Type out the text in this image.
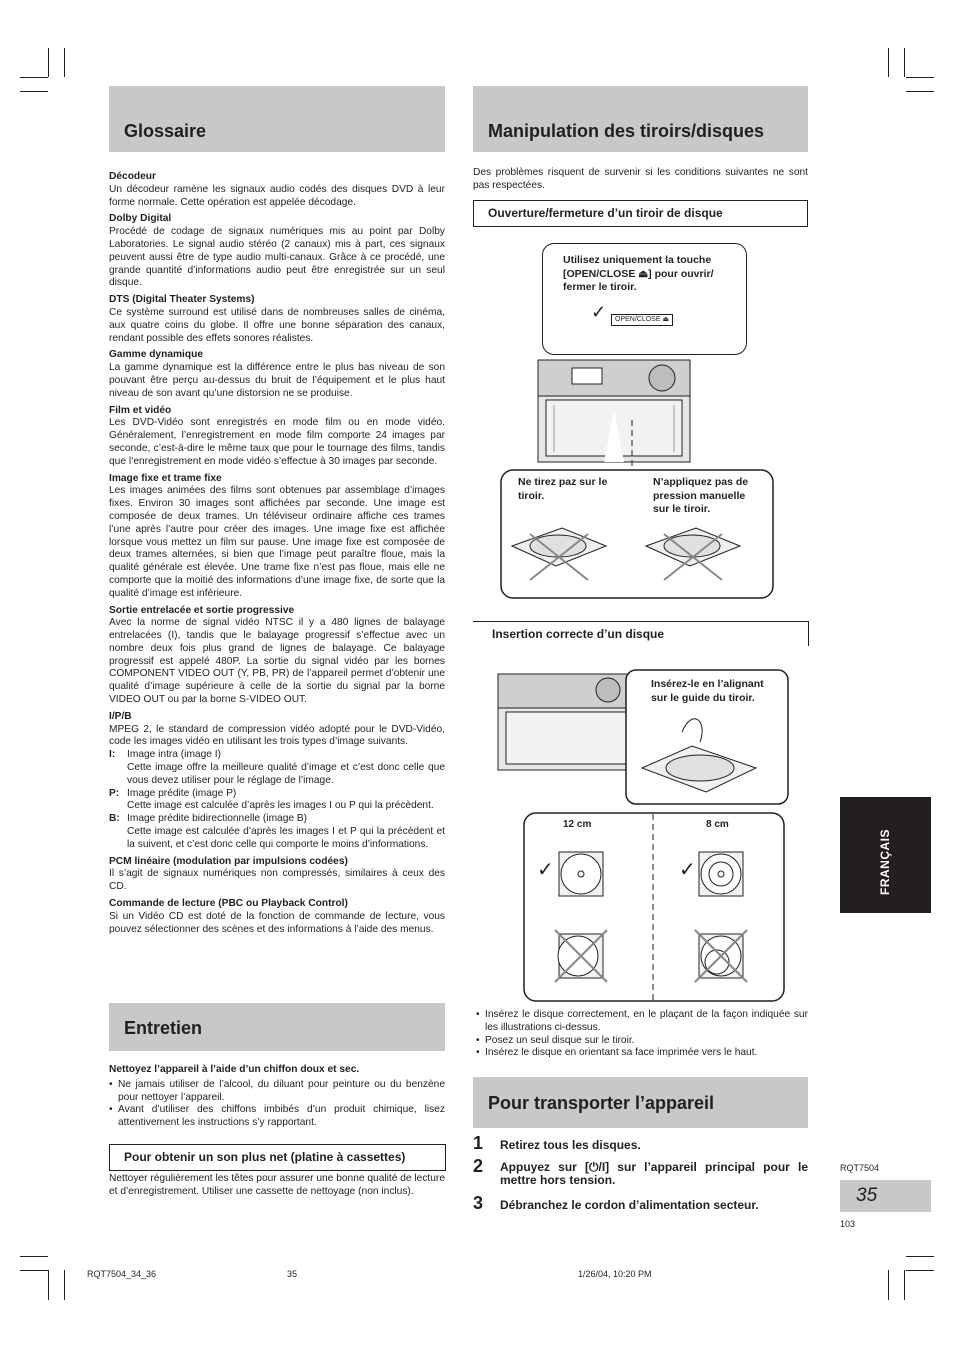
Glossaire
Décodeur

Un décodeur ramène les signaux audio codés des disques DVD à leur forme normale. Cette opération est appelée décodage.

Dolby Digital

Procédé de codage de signaux numériques mis au point par Dolby Laboratories. Le signal audio stéréo (2 canaux) mis à part, ces signaux peuvent aussi être de type audio multi-canaux. Grâce à ce procédé, une grande quantité d’informations audio peut être enregistrée sur un seul disque.

DTS (Digital Theater Systems)

Ce système surround est utilisé dans de nombreuses salles de cinéma, aux quatre coins du globe. Il offre une bonne séparation des canaux, rendant possible des effets sonores réalistes.

Gamme dynamique

La gamme dynamique est la différence entre le plus bas niveau de son pouvant être perçu au-dessus du bruit de l’équipement et le plus haut niveau de son avant qu’une distorsion ne se produise.

Film et vidéo

Les DVD-Vidéo sont enregistrés en mode film ou en mode vidéo. Généralement, l’enregistrement en mode film comporte 24 images par seconde, c’est-à-dire le même taux que pour le tournage des films, tandis que l’enregistrement en mode vidéo s’effectue à 30 images par seconde.

Image fixe et trame fixe

Les images animées des films sont obtenues par assemblage d’images fixes. Environ 30 images sont affichées par seconde. Une image est composée de deux trames. Un téléviseur ordinaire affiche ces trames l’une après l’autre pour créer des images. Une image fixe est affichée lorsque vous mettez un film sur pause. Une image fixe est composée de deux trames alternées, si bien que l’image peut paraître floue, mais la qualité générale est élevée. Une trame fixe n’est pas floue, mais elle ne comporte que la moitié des informations d’une image fixe, de sorte que la qualité d’image est inférieure.

Sortie entrelacée et sortie progressive

Avec la norme de signal vidéo NTSC il y a 480 lignes de balayage entrelacées (I), tandis que le balayage progressif s’effectue avec un nombre deux fois plus grand de lignes de balayage. Ce balayage progressif est appelé 480P. La sortie du signal vidéo par les bornes COMPONENT VIDEO OUT (Y, PB, PR) de l’appareil permet d’obtenir une qualité d’image supérieure à celle de la sortie du signal par la borne VIDEO OUT ou par la borne S-VIDEO OUT.

I/P/B

MPEG 2, le standard de compression vidéo adopté pour le DVD-Vidéo, code les images vidéo en utilisant les trois types d’image suivants.

I:	Image intra (image I)
Cette image offre la meilleure qualité d’image et c’est donc celle que vous devez utiliser pour le réglage de l’image.
P: Image prédite (image P)
Cette image est calculée d’après les images I ou P qui la précèdent.
B: Image prédite bidirectionnelle (image B)
Cette image est calculée d’après les images I et P qui la précèdent et la suivent, et c’est donc celle qui comporte le moins d’informations.
PCM linéaire (modulation par impulsions codées)

Il s’agit de signaux numériques non compressés, similaires à ceux des CD.

Commande de lecture (PBC ou Playback Control)

Si un Vidéo CD est doté de la fonction de commande de lecture, vous pouvez sélectionner des scènes et des informations à l’aide des menus.

Entretien
Nettoyez l’appareil à l’aide d’un chiffon doux et sec.
• Ne jamais utiliser de l’alcool, du diluant pour peinture ou du benzène pour nettoyer l’appareil.
• Avant d’utiliser des chiffons imbibés d’un produit chimique, lisez attentivement les instructions s’y rapportant.
Pour obtenir un son plus net (platine à cassettes)

Nettoyer régulièrement les têtes pour assurer une bonne qualité de lecture et d’enregistrement. Utiliser une cassette de nettoyage (non inclus).

Manipulation des tiroirs/disques

Des problèmes risquent de survenir si les conditions suivantes ne sont pas respectées.

Ouverture/fermeture d’un tiroir de disque
Utilisez uniquement la touche
[OPEN/CLOSE ⏏] pour ouvrir/
fermer le tiroir.
OPEN/CLOSE ⏏
✓
Ne tirez paz sur le
tiroir.
N’appliquez pas de
pression manuelle
sur le tiroir.
Insertion correcte d’un disque
Insérez-le en l’alignant
sur le guide du tiroir.
✓	✓
12 cm	8 cm
• Insérez le disque correctement, en le plaçant de la façon indiquée sur les illustrations ci-dessus.
• Posez un seul disque sur le tiroir.
• Insérez le disque en orientant sa face imprimée vers le haut.
Pour transporter l’appareil
1	Retirez tous les disques.
2	Appuyez sur [⏻/I] sur l’appareil principal pour le mettre hors tension.
3	Débranchez le cordon d’alimentation secteur.
FRANÇAIS
RQT7504
35
103
RQT7504_34_36	35	1/26/04, 10:20 PM
